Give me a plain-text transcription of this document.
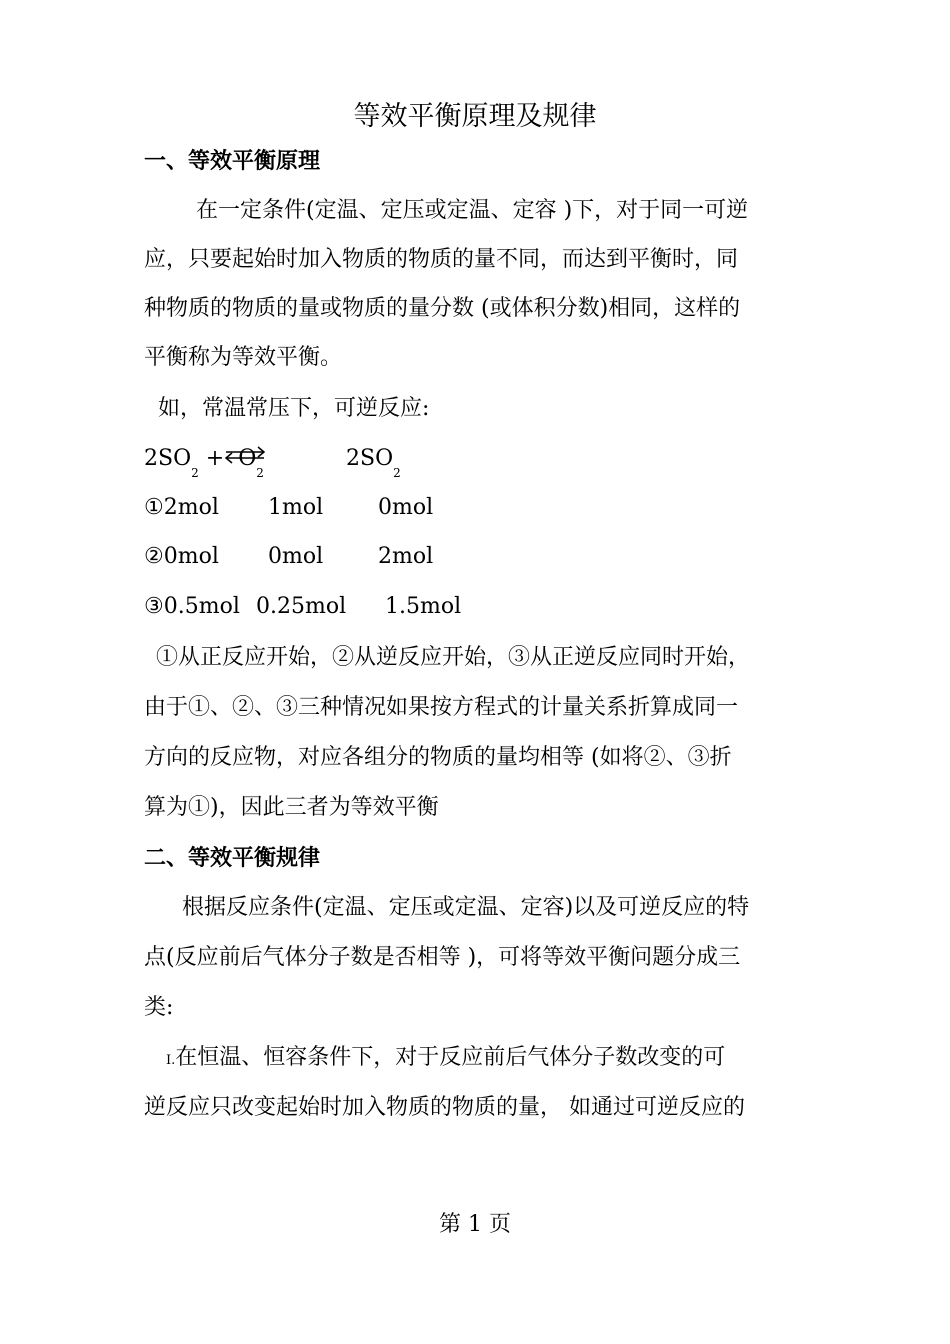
等效平衡原理及规律
一、等效平衡原理
在一定条件(定温、定压或定温、定容 )下，对于同一可逆
应，只要起始时加入物质的物质的量不同，而达到平衡时，同
种物质的物质的量或物质的量分数 (或体积分数)相同，这样的
平衡称为等效平衡。
如，常温常压下，可逆反应:
$2SO_2$ $+\rightleftharpoons O_2$
$2SO_2$
①2mol 1mol 0mol
②0mol 0mol 2mol
③0.5mol 0.25mol 1.5mol
①从正反应开始，②从逆反应开始，③从正逆反应同时开始，
由于①、②、③三种情况如果按方程式的计量关系折算成同一
方向的反应物，对应各组分的物质的量均相等 (如将②、③折
算为①)，因此三者为等效平衡
二、等效平衡规律
根据反应条件(定温、定压或定温、定容)以及可逆反应的特
点(反应前后气体分子数是否相等 )，可将等效平衡问题分成三
类:
I.在恒温、恒容条件下，对于反应前后气体分子数改变的可
逆反应只改变起始时加入物质的物质的量， 如通过可逆反应的
第 1 页
